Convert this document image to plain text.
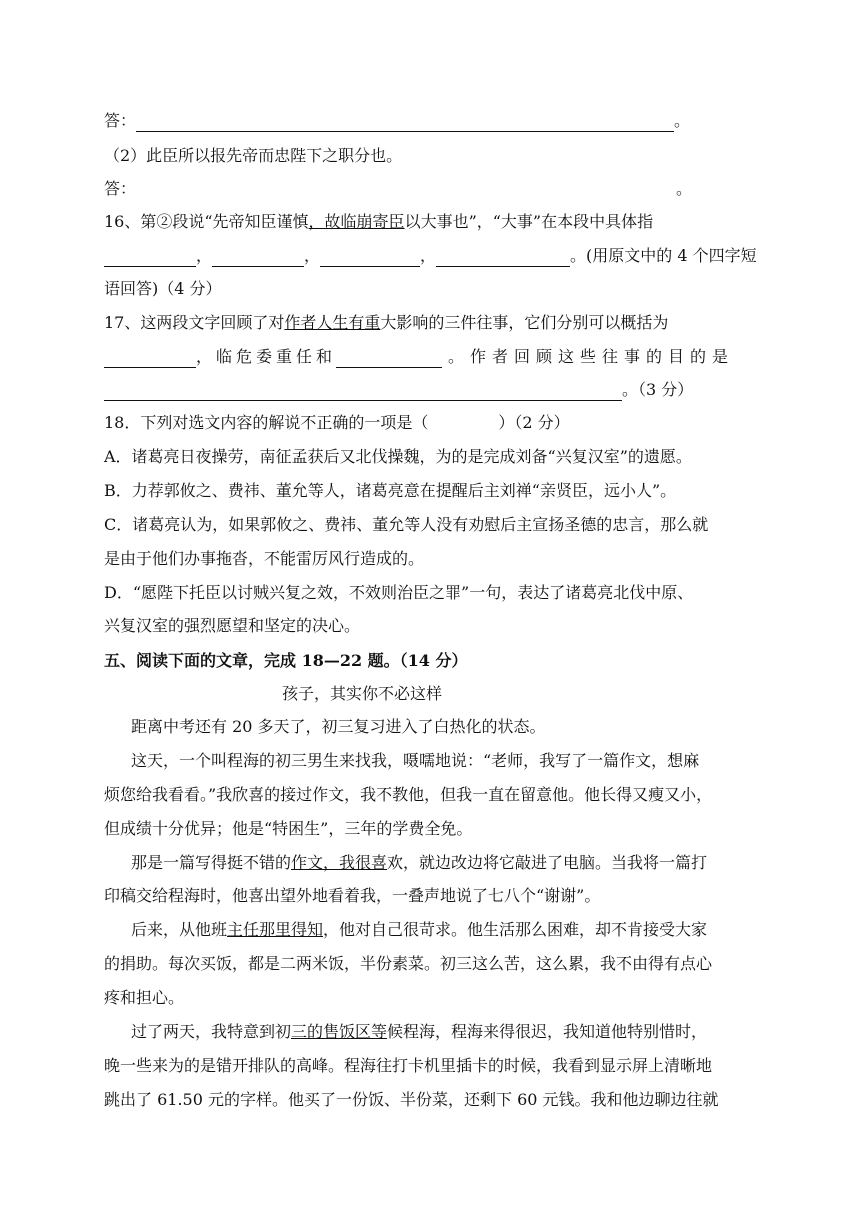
答：	。
（2）此臣所以报先帝而忠陛下之职分也。
答：	。
16、第②段说“先帝知臣谨慎，故临崩寄臣以大事也”，“大事”在本段中具体指
，	，	，	。(用原文中的 4 个四字短
语回答)（4 分）
17、这两段文字回顾了对作者人生有重大影响的三件往事，它们分别可以概括为
，临危委重任和	。作者回顾这些往事的目的是
。（3 分）
18．下列对选文内容的解说不正确的一项是（	）（2 分）
A．诸葛亮日夜操劳，南征孟获后又北伐操魏，为的是完成刘备“兴复汉室”的遗愿。
B．力荐郭攸之、费祎、董允等人，诸葛亮意在提醒后主刘禅“亲贤臣，远小人”。
C．诸葛亮认为，如果郭攸之、费祎、董允等人没有劝慰后主宣扬圣德的忠言，那么就
是由于他们办事拖沓，不能雷厉风行造成的。
D．“愿陛下托臣以讨贼兴复之效，不效则治臣之罪”一句，表达了诸葛亮北伐中原、
兴复汉室的强烈愿望和坚定的决心。
五、阅读下面的文章，完成 18—22 题。（14 分）
孩子，其实你不必这样
距离中考还有 20 多天了，初三复习进入了白热化的状态。
这天，一个叫程海的初三男生来找我，嗫嚅地说：“老师，我写了一篇作文，想麻
烦您给我看看。”我欣喜的接过作文，我不教他，但我一直在留意他。他长得又瘦又小，
但成绩十分优异；他是“特困生”，三年的学费全免。
那是一篇写得挺不错的作文，我很喜欢，就边改边将它敲进了电脑。当我将一篇打
印稿交给程海时，他喜出望外地看着我，一叠声地说了七八个“谢谢”。
后来，从他班主任那里得知，他对自己很苛求。他生活那么困难，却不肯接受大家
的捐助。每次买饭，都是二两米饭，半份素菜。初三这么苦，这么累，我不由得有点心
疼和担心。
过了两天，我特意到初三的售饭区等候程海，程海来得很迟，我知道他特别惜时，
晚一些来为的是错开排队的高峰。程海往打卡机里插卡的时候，我看到显示屏上清晰地
跳出了 61.50 元的字样。他买了一份饭、半份菜，还剩下 60 元钱。我和他边聊边往就
